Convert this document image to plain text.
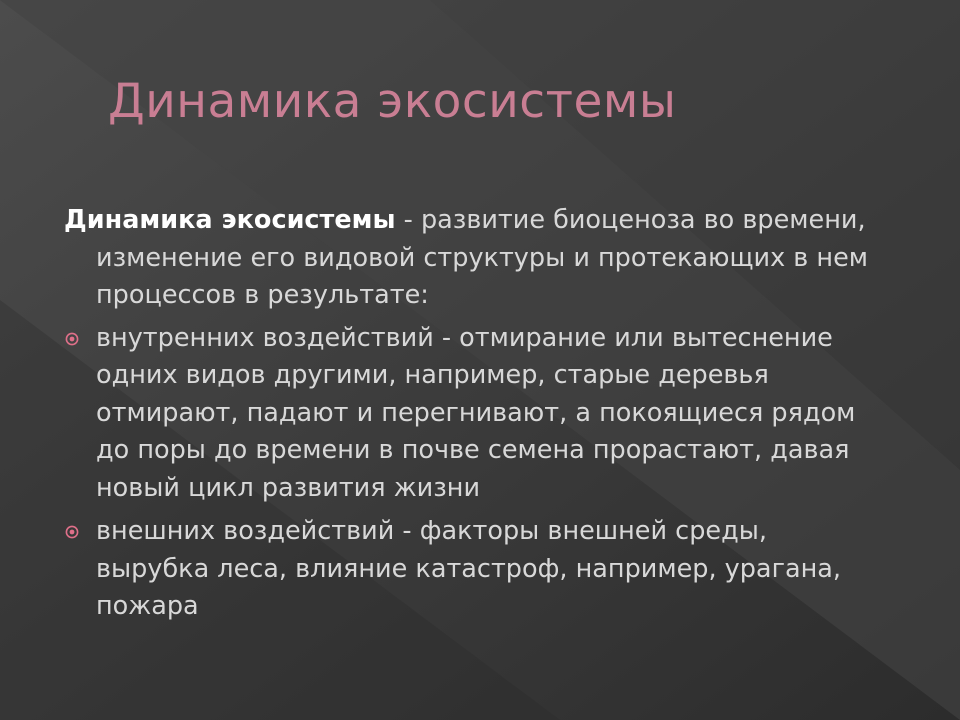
Динамика экосистемы

Динамика экосистемы - развитие биоценоза во времени, изменение его видовой структуры и протекающих в нем процессов в результате:

внутренних воздействий - отмирание или вытеснение одних видов другими, например, старые деревья отмирают, падают и перегнивают, а покоящиеся рядом до поры до времени в почве семена прорастают, давая новый цикл развития жизни
внешних воздействий - факторы внешней среды, вырубка леса, влияние катастроф, например, урагана, пожара
